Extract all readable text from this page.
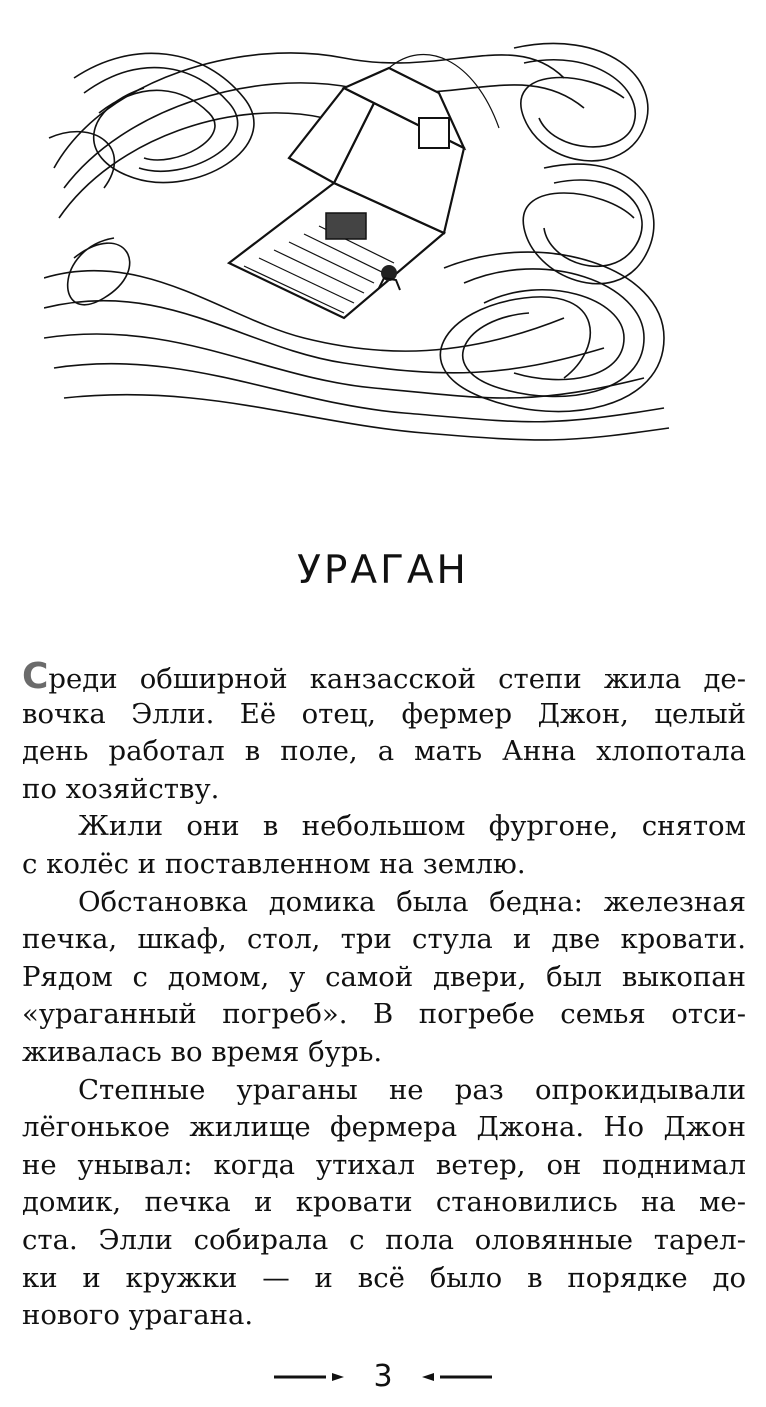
УРАГАН
Среди обширной канзасской степи жила де-
вочка Элли. Её отец, фермер Джон, целый
день работал в поле, а мать Анна хлопотала
по хозяйству.
Жили они в небольшом фургоне, снятом
с колёс и поставленном на землю.
Обстановка домика была бедна: железная
печка, шкаф, стол, три стула и две кровати.
Рядом с домом, у самой двери, был выкопан
«ураганный погреб». В погребе семья отси-
живалась во время бурь.
Степные ураганы не раз опрокидывали
лёгонькое жилище фермера Джона. Но Джон
не унывал: когда утихал ветер, он поднимал
домик, печка и кровати становились на ме-
ста. Элли собирала с пола оловянные тарел-
ки и кружки — и всё было в порядке до
нового урагана.
3
